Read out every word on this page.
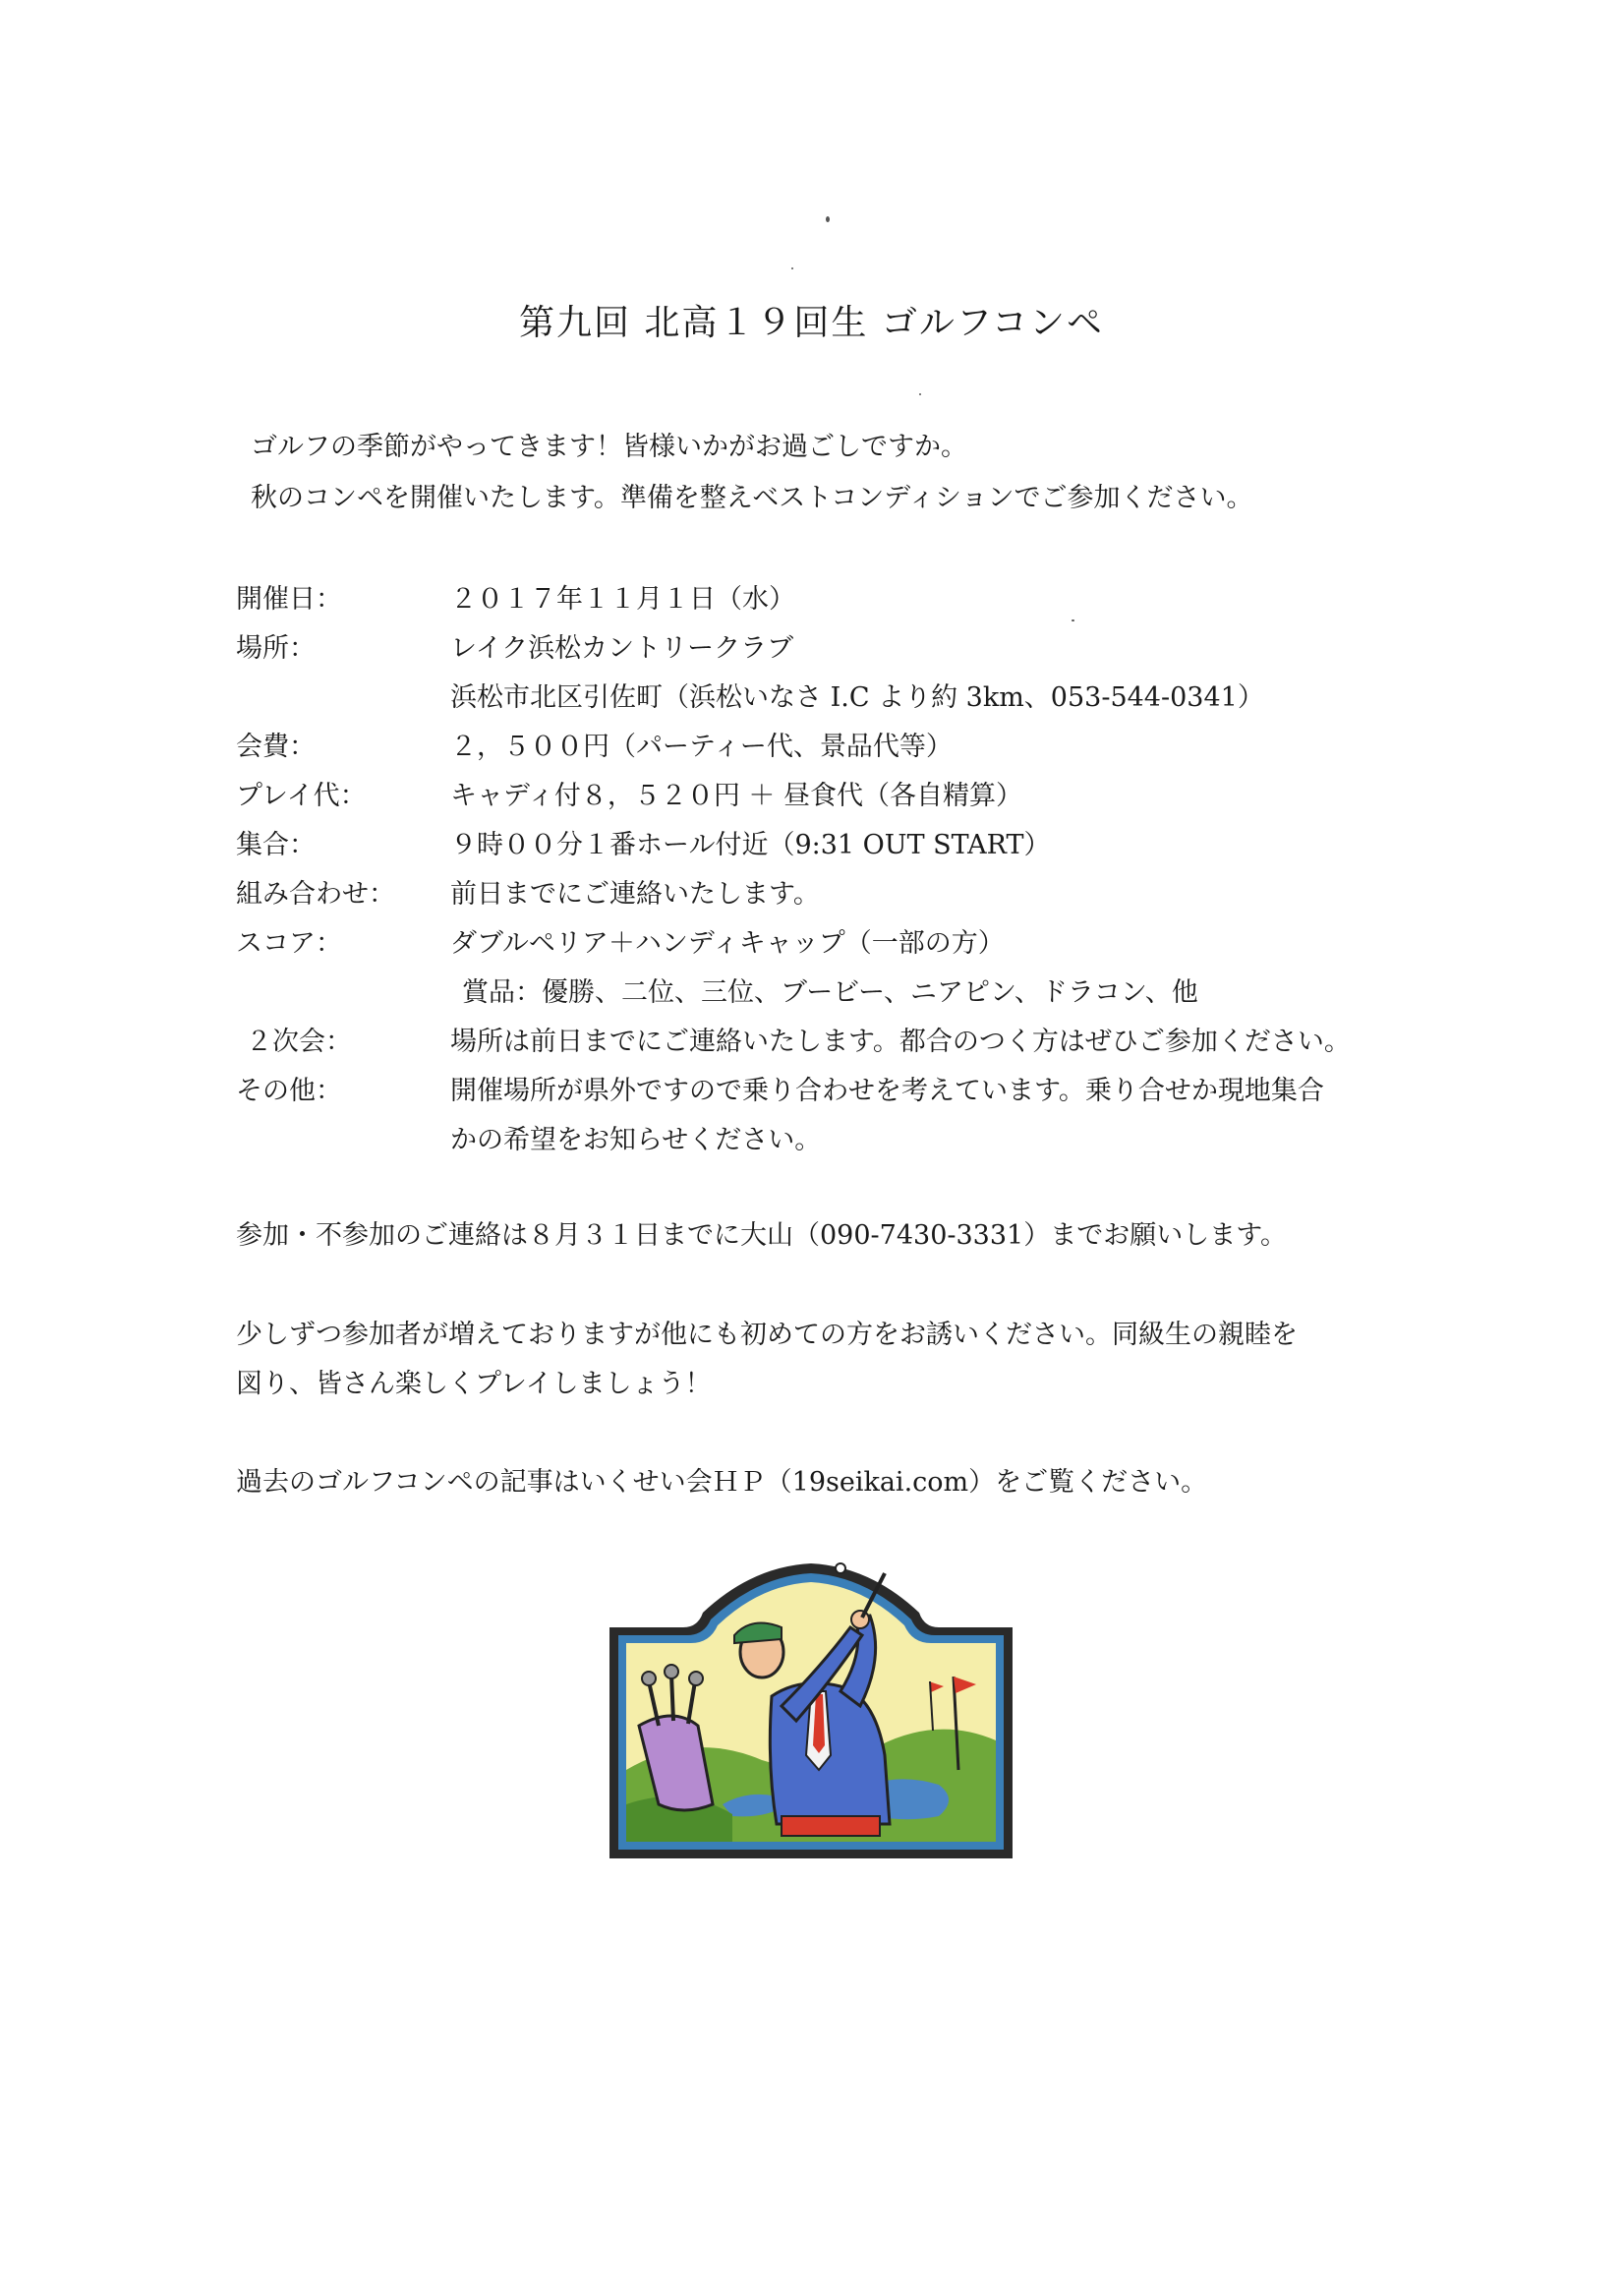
第九回 北高１９回生 ゴルフコンペ
ゴルフの季節がやってきます！皆様いかがお過ごしですか。
秋のコンペを開催いたします。準備を整えベストコンディションでご参加ください。
開催日：	２０１７年１１月１日（水）
場所：	レイク浜松カントリークラブ
浜松市北区引佐町（浜松いなさ I.C より約 3km、053-544-0341）
会費：	２，５００円（パーティー代、景品代等）
プレイ代：	キャディ付８，５２０円 ＋ 昼食代（各自精算）
集合：	９時００分１番ホール付近（9:31 OUT START）
組み合わせ： 前日までにご連絡いたします。
スコア：	ダブルペリア＋ハンディキャップ（一部の方）
賞品：優勝、二位、三位、ブービー、ニアピン、ドラコン、他
２次会：	場所は前日までにご連絡いたします。都合のつく方はぜひご参加ください。
その他：	開催場所が県外ですので乗り合わせを考えています。乗り合せか現地集合
かの希望をお知らせください。
参加・不参加のご連絡は８月３１日までに大山（090-7430-3331）までお願いします。
少しずつ参加者が増えておりますが他にも初めての方をお誘いください。同級生の親睦を
図り、皆さん楽しくプレイしましょう！
過去のゴルフコンペの記事はいくせい会ＨＰ（19seikai.com）をご覧ください。
